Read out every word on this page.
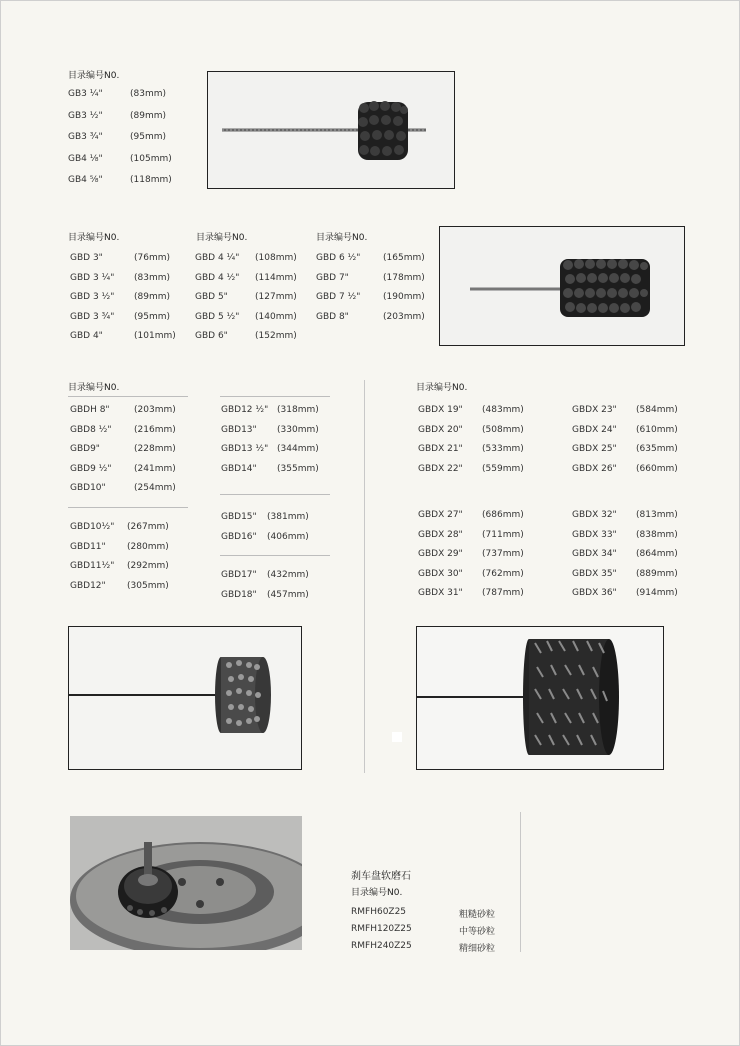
目录编号N0.
GB3 ¼"	(83mm)
GB3 ½"	(89mm)
GB3 ¾"	(95mm)
GB4 ⅛"	(105mm)
GB4 ⅝"	(118mm)
目录编号N0.	目录编号N0.	目录编号N0.
GBD 3"	(76mm)
GBD 3 ¼" (83mm)
GBD 3 ½" (89mm)
GBD 3 ¾" (95mm)
GBD 4"	(101mm)
GBD 4 ¼" (108mm)
GBD 4 ½" (114mm)
GBD 5"	(127mm)
GBD 5 ½" (140mm)
GBD 6"	(152mm)
GBD 6 ½"	(165mm)
GBD 7"	(178mm)
GBD 7 ½"	(190mm)
GBD 8"	(203mm)
目录编号N0.
GBDH 8"	(203mm)
GBD8 ½" (216mm)
GBD9"	(228mm)
GBD9 ½" (241mm)
GBD10"	(254mm)
GBD10½" (267mm)
GBD11" (280mm)
GBD11½" (292mm)
GBD12" (305mm)
GBD12 ½" (318mm)
GBD13" (330mm)
GBD13 ½" (344mm)
GBD14" (355mm)
GBD15" (381mm)
GBD16" (406mm)
GBD17" (432mm)
GBD18" (457mm)
目录编号N0.
GBDX 19" (483mm)
GBDX 20" (508mm)
GBDX 21" (533mm)
GBDX 22" (559mm)
GBDX 23" (584mm)
GBDX 24" (610mm)
GBDX 25" (635mm)
GBDX 26" (660mm)
GBDX 27" (686mm)
GBDX 28" (711mm)
GBDX 29" (737mm)
GBDX 30" (762mm)
GBDX 31" (787mm)
GBDX 32" (813mm)
GBDX 33" (838mm)
GBDX 34" (864mm)
GBDX 35" (889mm)
GBDX 36" (914mm)
刹车盘软磨石
目录编号N0.
RMFH60Z25	粗糙砂粒
RMFH120Z25	中等砂粒
RMFH240Z25	精细砂粒
